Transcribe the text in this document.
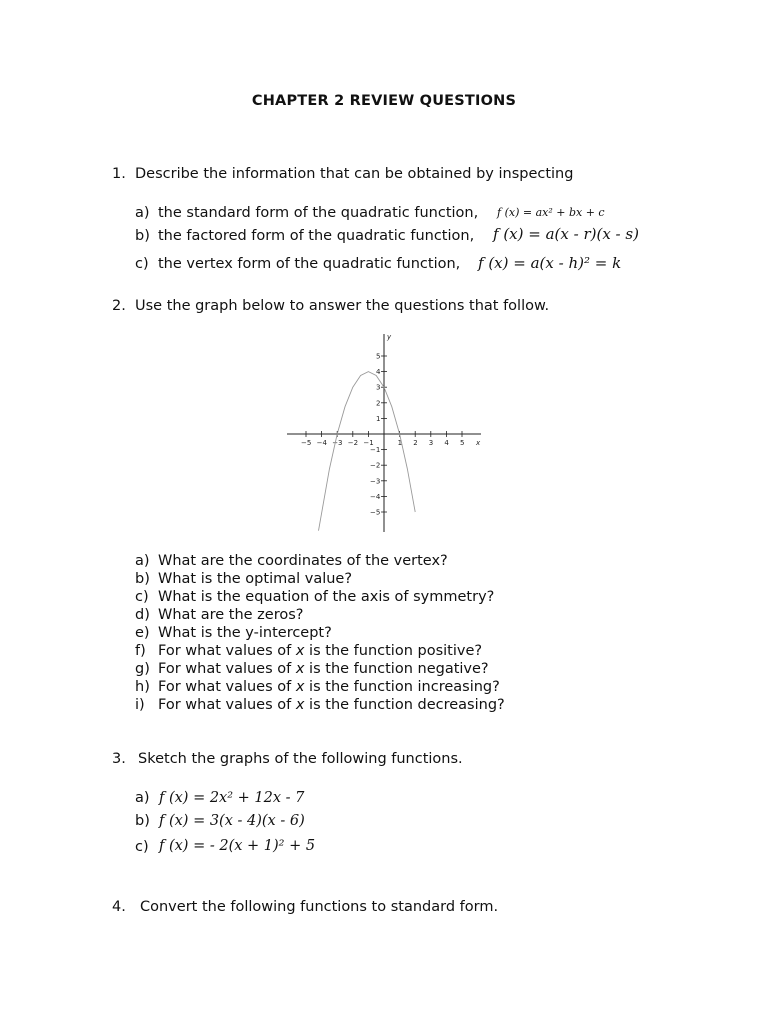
CHAPTER 2 REVIEW QUESTIONS
1. Describe the information that can be obtained by inspecting
a) the standard form of the quadratic function, f (x) = ax² + bx + c
b) the factored form of the quadratic function, f (x) = a(x - r)(x - s)
c) the vertex form of the quadratic function, f (x) = a(x - h)² = k
2. Use the graph below to answer the questions that follow.
−5 −4 −3 −2 −1	1 2 3 4 5
−5
−4
−3
−2
−1
1
2
3
4
5
x
y
a) What are the coordinates of the vertex?
b) What is the optimal value?
c) What is the equation of the axis of symmetry?
d) What are the zeros?
e) What is the y-intercept?
f) For what values of x is the function positive?
g) For what values of x is the function negative?
h) For what values of x is the function increasing?
i) For what values of x is the function decreasing?
3. Sketch the graphs of the following functions.
a) f (x) = 2x² + 12x - 7
b) f (x) = 3(x - 4)(x - 6)
c) f (x) = - 2(x + 1)² + 5
4. Convert the following functions to standard form.
